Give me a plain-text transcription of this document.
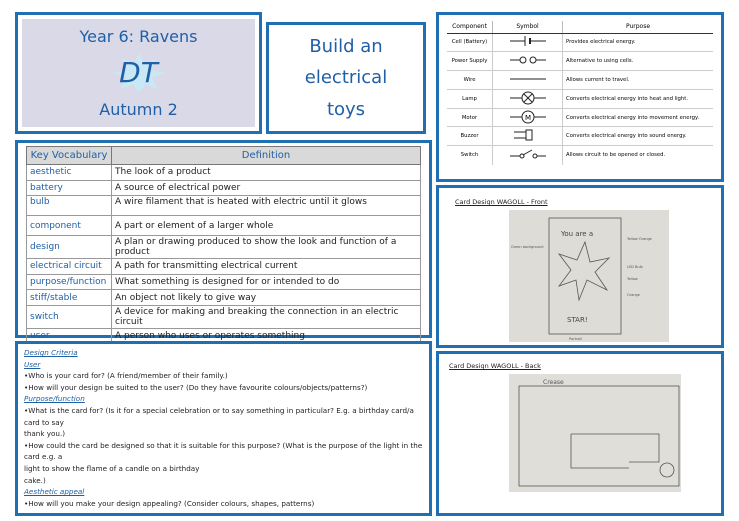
Year 6: Ravens
DT
Autumn 2
Build an
electrical
toys
Key Vocabulary	Definition
aesthetic	The look of a product
battery	A source of electrical power
bulb	A wire filament that is heated with electric until it glows
component	A part or element of a larger whole
design	A plan or drawing produced to show the look and function of a product
electrical circuit	A path for transmitting electrical current
purpose/function	What something is designed for or intended to do
stiff/stable	An object not likely to give way
switch	A device for making and breaking the connection in an electric circuit
user	A person who uses or operates something
Design Criteria
User
•Who is your card for? (A friend/member of their family.)
•How will your design be suited to the user? (Do they have favourite colours/objects/patterns?)
Purpose/function
•What is the card for? (Is it for a special celebration or to say something in particular? E.g. a birthday card/a card to say
thank you.)
•How could the card be designed so that it is suitable for this purpose? (What is the purpose of the light in the card e.g. a
light to show the flame of a candle on a birthday
cake.)
Aesthetic appeal
•How will you make your design appealing? (Consider colours, shapes, patterns)
Component	Symbol	Purpose
Cell (Battery)		Provides electrical energy.
Power Supply		Alternative to using cells.
Wire		Allows current to travel.
Lamp		Converts electrical energy into heat and light.
Motor	M	Converts electrical energy into movement energy.
Buzzer		Converts electrical energy into sound energy.
Switch		Allows circuit to be opened or closed.
Card Design WAGOLL - Front
You are a
STAR!
Yellow Orange
LED Bulb
Yellow
Orange
Green background
Portrait
Card Design WAGOLL - Back
Crease
